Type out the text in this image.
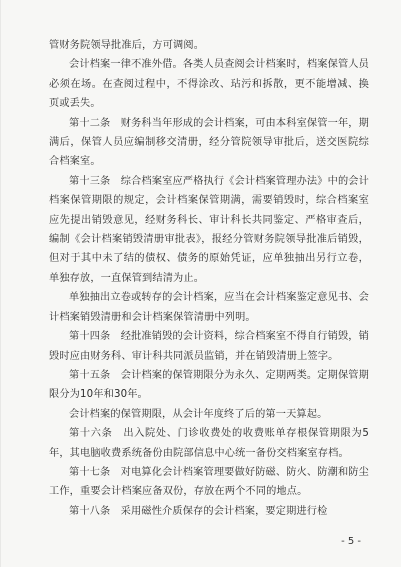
管财务院领导批准后，方可调阅。

会计档案一律不准外借。各类人员查阅会计档案时，档案保管人员必须在场。在查阅过程中，不得涂改、玷污和拆散，更不能增减、换页或丢失。

第十二条　财务科当年形成的会计档案，可由本科室保管一年，期满后，保管人员应编制移交清册，经分管院领导审批后，送交医院综合档案室。

第十三条　综合档案室应严格执行《会计档案管理办法》中的会计档案保管期限的规定，会计档案保管期满，需要销毁时，综合档案室应先提出销毁意见，经财务科长、审计科长共同鉴定、严格审查后，编制《会计档案销毁清册审批表》，报经分管财务院领导批准后销毁，但对于其中未了结的债权、债务的原始凭证，应单独抽出另行立卷，单独存放，一直保管到结清为止。

单独抽出立卷或转存的会计档案，应当在会计档案鉴定意见书、会计档案销毁清册和会计档案保管清册中列明。

第十四条　经批准销毁的会计资料，综合档案室不得自行销毁，销毁时应由财务科、审计科共同派员监销，并在销毁清册上签字。

第十五条　会计档案的保管期限分为永久、定期两类。定期保管期限分为10年和30年。

会计档案的保管期限，从会计年度终了后的第一天算起。

第十六条　出入院处、门诊收费处的收费账单存根保管期限为5年，其电脑收费系统备份由院部信息中心统一备份交档案室存档。

第十七条　对电算化会计档案管理要做好防磁、防火、防潮和防尘工作，重要会计档案应备双份，存放在两个不同的地点。

第十八条　采用磁性介质保存的会计档案，要定期进行检

- 5 -
